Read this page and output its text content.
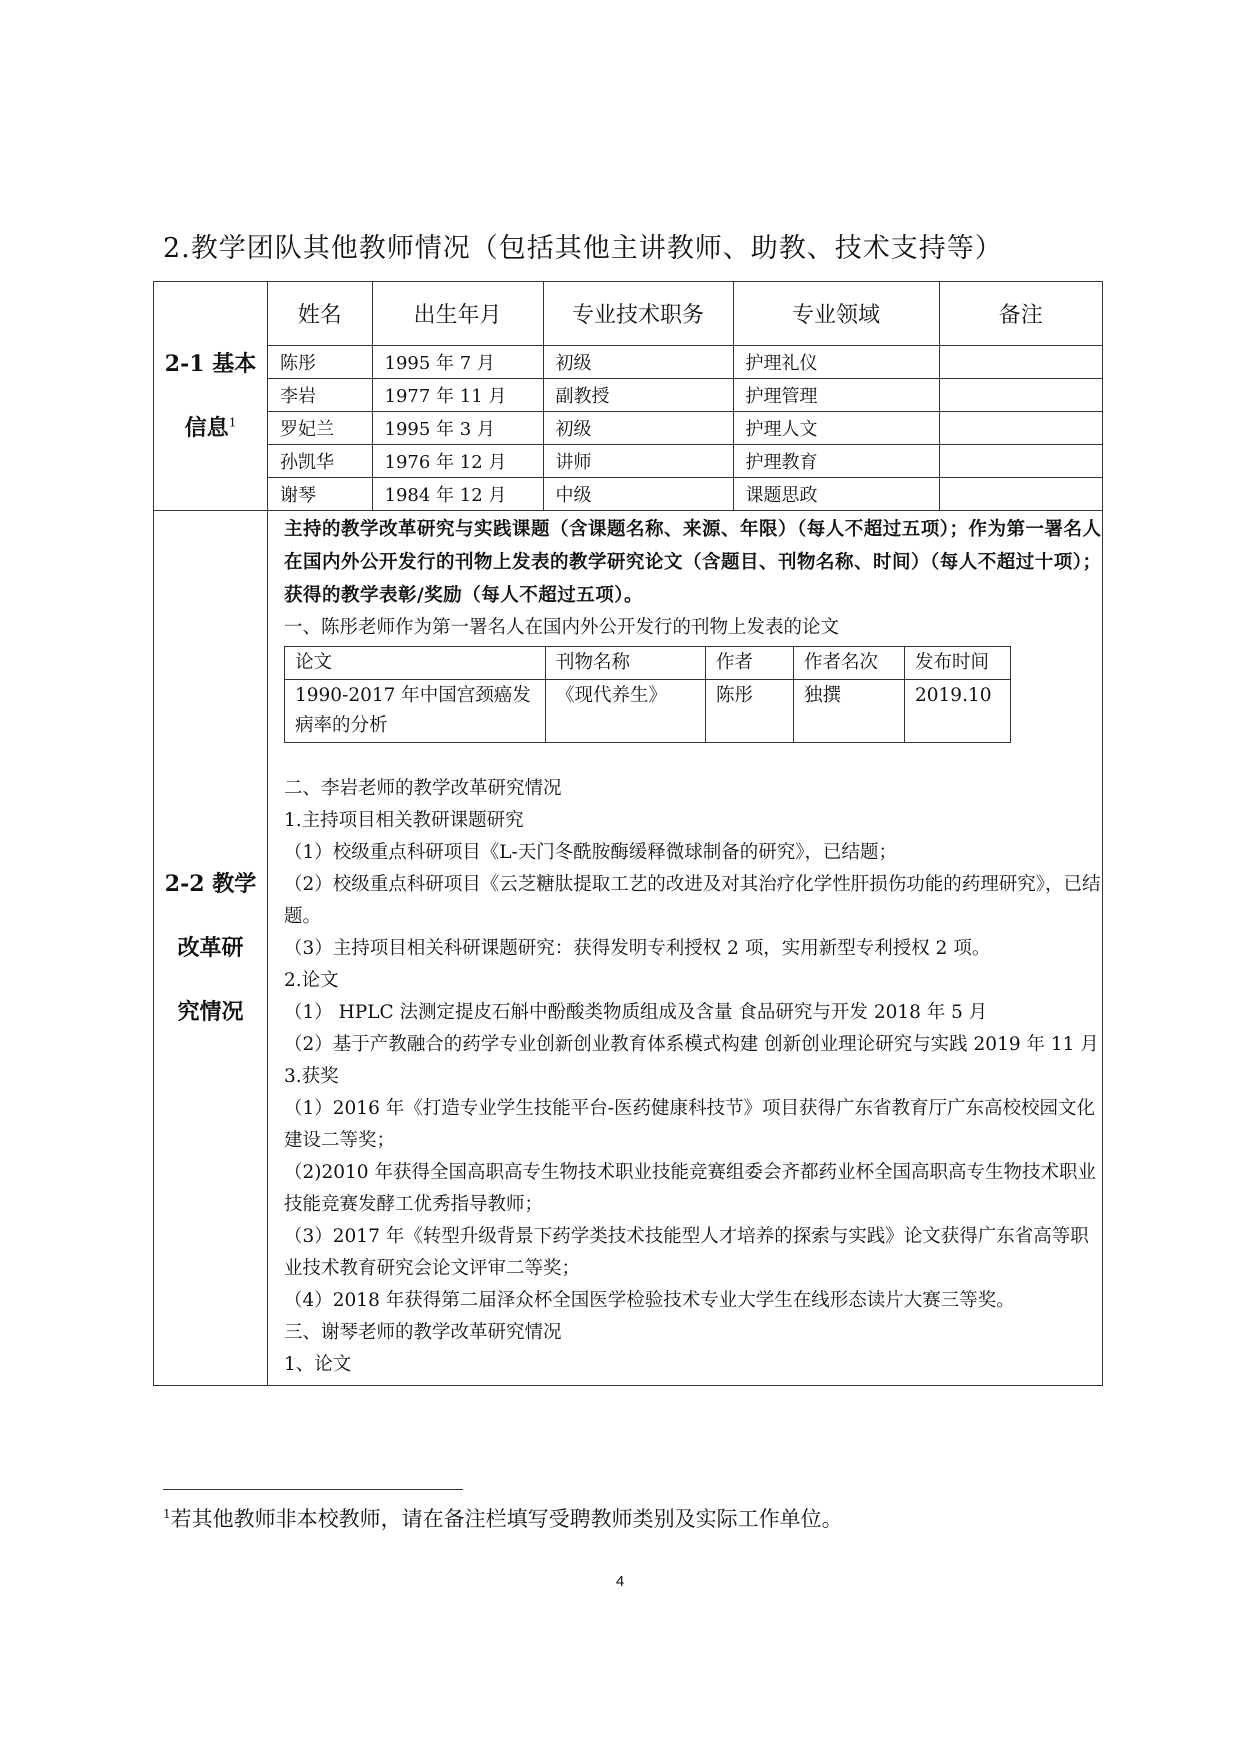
2.教学团队其他教师情况（包括其他主讲教师、助教、技术支持等）
2-1 基本
信息$^1$

姓名	出生年月	专业技术职务	专业领域	备注
陈彤	1995 年 7 月	初级	护理礼仪	
李岩	1977 年 11 月	副教授	护理管理	
罗妃兰	1995 年 3 月	初级	护理人文	
孙凯华	1976 年 12 月	讲师	护理教育	
谢琴	1984 年 12 月	中级	课题思政	

2-2 教学
改革研
究情况

主持的教学改革研究与实践课题（含课题名称、来源、年限）（每人不超过五项）；作为第一署名人在国内外公开发行的刊物上发表的教学研究论文（含题目、刊物名称、时间）（每人不超过十项）；获得的教学表彰/奖励（每人不超过五项）。

一、陈彤老师作为第一署名人在国内外公开发行的刊物上发表的论文

论文	刊物名称	作者	作者名次	发布时间
1990-2017 年中国宫颈癌发病率的分析	《现代养生》	陈彤	独撰	2019.10

二、李岩老师的教学改革研究情况

1.主持项目相关教研课题研究

（1）校级重点科研项目《L-天门冬酰胺酶缓释微球制备的研究》，已结题；

（2）校级重点科研项目《云芝糖肽提取工艺的改进及对其治疗化学性肝损伤功能的药理研究》，已结题。

（3）主持项目相关科研课题研究：获得发明专利授权 2 项，实用新型专利授权 2 项。

2.论文

（1） HPLC 法测定提皮石斛中酚酸类物质组成及含量 食品研究与开发 2018 年 5 月

（2）基于产教融合的药学专业创新创业教育体系模式构建 创新创业理论研究与实践 2019 年 11 月

3.获奖

（1）2016 年《打造专业学生技能平台-医药健康科技节》项目获得广东省教育厅广东高校校园文化建设二等奖；

（2)2010 年获得全国高职高专生物技术职业技能竞赛组委会齐都药业杯全国高职高专生物技术职业技能竞赛发酵工优秀指导教师；

（3）2017 年《转型升级背景下药学类技术技能型人才培养的探索与实践》论文获得广东省高等职业技术教育研究会论文评审二等奖；

（4）2018 年获得第二届泽众杯全国医学检验技术专业大学生在线形态读片大赛三等奖。

三、谢琴老师的教学改革研究情况

1、论文

$^1$若其他教师非本校教师，请在备注栏填写受聘教师类别及实际工作单位。
4
